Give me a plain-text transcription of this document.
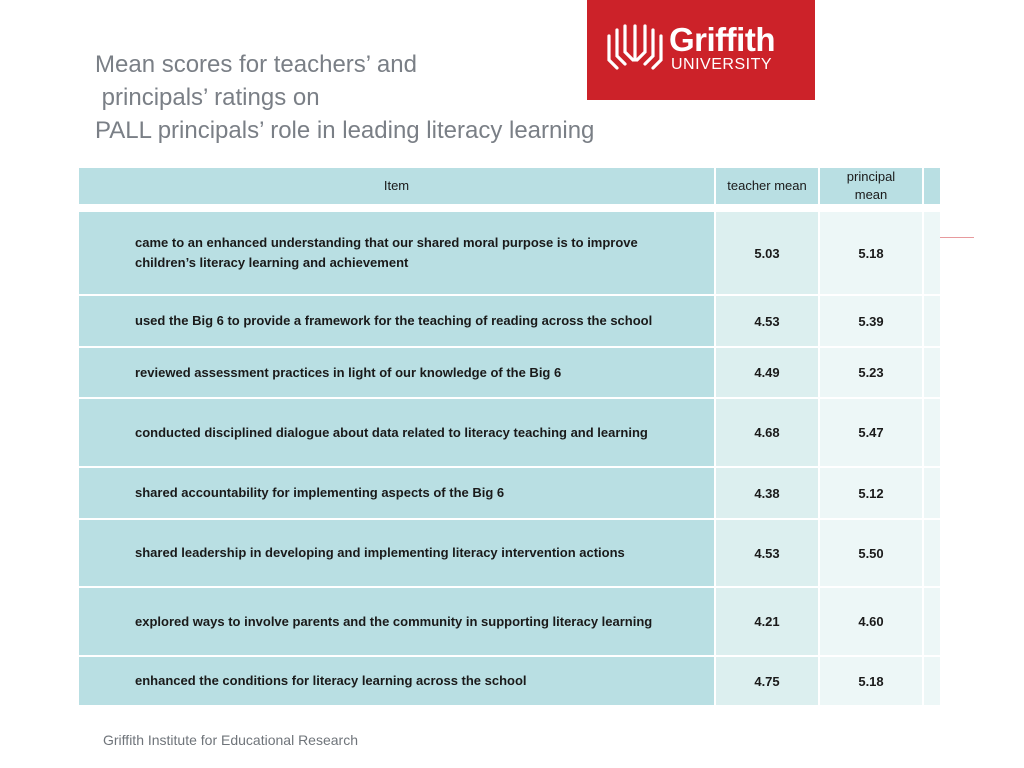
Mean scores for teachers’ and
principals’ ratings on
PALL principals’ role in leading literacy learning
Griffith
UNIVERSITY
Item	teacher mean	principal mean	

came to an enhanced understanding that our shared moral purpose is to improve children’s literacy learning and achievement	5.03	5.18	
used the Big 6 to provide a framework for the teaching of reading across the school	4.53	5.39	
reviewed assessment practices in light of our knowledge of the Big 6	4.49	5.23	
conducted disciplined dialogue about data related to literacy teaching and learning	4.68	5.47	
shared accountability for implementing aspects of the Big 6	4.38	5.12	
shared leadership in developing and implementing literacy intervention actions	4.53	5.50	
explored ways to involve parents and the community in supporting literacy learning	4.21	4.60	
enhanced the conditions for literacy learning across the school	4.75	5.18	
Griffith Institute for Educational Research
